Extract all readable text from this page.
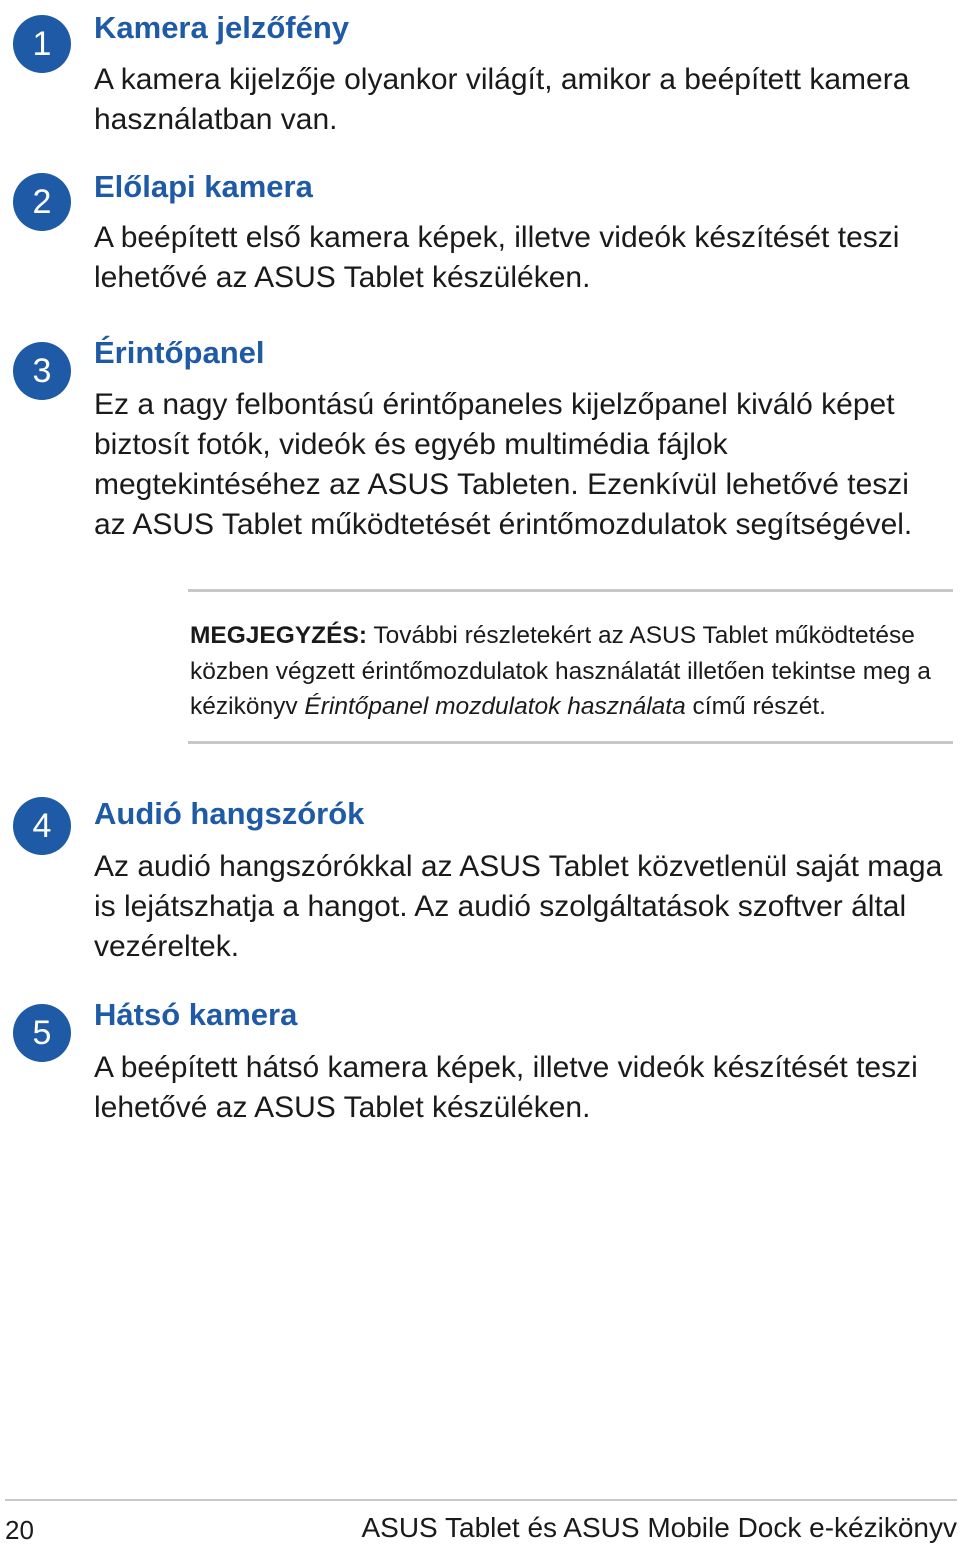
1	Kamera jelzőfény

A kamera kijelzője olyankor világít, amikor a beépített kamera használatban van.

2	Előlapi kamera

A beépített első kamera képek, illetve videók készítését teszi lehetővé az ASUS Tablet készüléken.

3	Érintőpanel

Ez a nagy felbontású érintőpaneles kijelzőpanel kiváló képet biztosít fotók, videók és egyéb multimédia fájlok megtekintéséhez az ASUS Tableten. Ezenkívül lehetővé teszi az ASUS Tablet működtetését érintőmozdulatok segítségével.

MEGJEGYZÉS: További részletekért az ASUS Tablet működtetése közben végzett érintőmozdulatok használatát illetően tekintse meg a kézikönyv Érintőpanel mozdulatok használata című részét.

4	Audió hangszórók

Az audió hangszórókkal az ASUS Tablet közvetlenül saját maga is lejátszhatja a hangot. Az audió szolgáltatások szoftver által vezéreltek.

5	Hátsó kamera

A beépített hátsó kamera képek, illetve videók készítését teszi lehetővé az ASUS Tablet készüléken.

20	ASUS Tablet és ASUS Mobile Dock e-kézikönyv
